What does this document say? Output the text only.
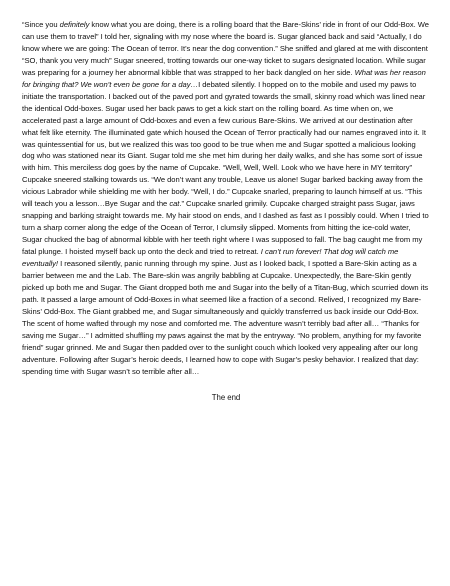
“Since you definitely know what you are doing, there is a rolling board that the Bare-Skins’ ride in front of our Odd-Box. We can use them to travel” I told her, signaling with my nose where the board is. Sugar glanced back and said “Actually, I do know where we are going: The Ocean of terror. It’s near the dog convention.” She sniffed and glared at me with discontent “SO, thank you very much” Sugar sneered, trotting towards our one-way ticket to sugars designated location. While sugar was preparing for a journey her abnormal kibble that was strapped to her back dangled on her side. What was her reason for bringing that? We won’t even be gone for a day…I debated silently. I hopped on to the mobile and used my paws to initiate the transportation. I backed out of the paved port and gyrated towards the small, skinny road which was lined near the identical Odd-boxes. Sugar used her back paws to get a kick start on the rolling board. As time when on, we accelerated past a large amount of Odd-boxes and even a few curious Bare-Skins. We arrived at our destination after what felt like eternity. The illuminated gate which housed the Ocean of Terror practically had our names engraved into it. It was quintessential for us, but we realized this was too good to be true when me and Sugar spotted a malicious looking dog who was stationed near its Giant. Sugar told me she met him during her daily walks, and she has some sort of issue with him. This merciless dog goes by the name of Cupcake. “Well, Well, Well. Look who we have here in MY territory” Cupcake sneered stalking towards us. “We don’t want any trouble, Leave us alone! Sugar barked backing away from the vicious Labrador while shielding me with her body. “Well, I do.” Cupcake snarled, preparing to launch himself at us. “This will teach you a lesson…Bye Sugar and the cat.” Cupcake snarled grimily. Cupcake charged straight pass Sugar, jaws snapping and barking straight towards me. My hair stood on ends, and I dashed as fast as I possibly could. When I tried to turn a sharp corner along the edge of the Ocean of Terror, I clumsily slipped. Moments from hitting the ice-cold water, Sugar chucked the bag of abnormal kibble with her teeth right where I was supposed to fall. The bag caught me from my fatal plunge. I hoisted myself back up onto the deck and tried to retreat. I can’t run forever! That dog will catch me eventually! I reasoned silently, panic running through my spine. Just as I looked back, I spotted a Bare-Skin acting as a barrier between me and the Lab. The Bare-skin was angrily babbling at Cupcake. Unexpectedly, the Bare-Skin gently picked up both me and Sugar. The Giant dropped both me and Sugar into the belly of a Titan-Bug, which scurried down its path. It passed a large amount of Odd-Boxes in what seemed like a fraction of a second. Relived, I recognized my Bare-Skins’ Odd-Box. The Giant grabbed me, and Sugar simultaneously and quickly transferred us back inside our Odd-Box. The scent of home wafted through my nose and comforted me. The adventure wasn’t terribly bad after all… “Thanks for saving me Sugar…” I admitted shuffling my paws against the mat by the entryway. “No problem, anything for my favorite friend” sugar grinned. Me and Sugar then padded over to the sunlight couch which looked very appealing after our long adventure. Following after Sugar’s heroic deeds, I learned how to cope with Sugar’s pesky behavior. I realized that day: spending time with Sugar wasn’t so terrible after all…

The end
